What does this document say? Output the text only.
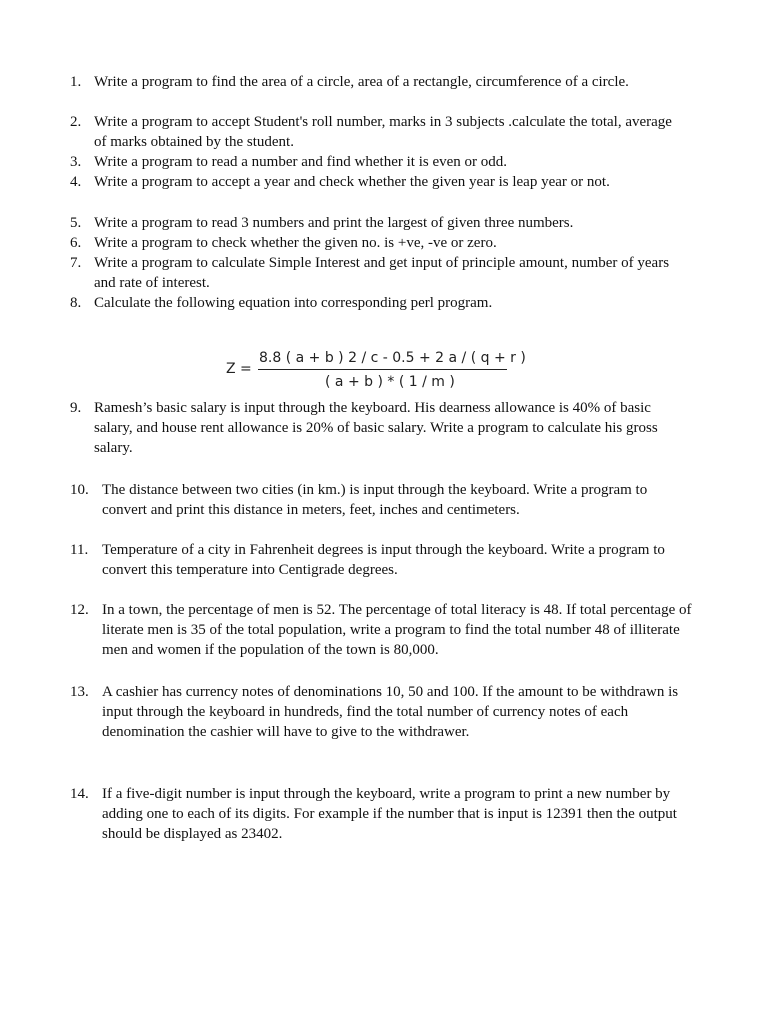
1. Write a program to find the area of a circle, area of a rectangle, circumference of a circle.
2. Write a program to accept Student's roll number, marks in 3 subjects .calculate the total, average of marks obtained by the student.
3. Write a program to read a number and find whether it is even or odd.
4. Write a program to accept a year and check whether the given year is leap year or not.
5. Write a program to read 3 numbers and print the largest of given three numbers.
6. Write a program to check whether the given no. is +ve, -ve or zero.
7. Write a program to calculate Simple Interest and get input of principle amount, number of years and rate of interest.
8. Calculate the following equation into corresponding perl program.
Z =
8.8 ( a + b ) 2 / c - 0.5 + 2 a / ( q + r )
( a + b ) * ( 1 / m )
9. Ramesh’s basic salary is input through the keyboard. His dearness allowance is 40% of basic salary, and house rent allowance is 20% of basic salary. Write a program to calculate his gross salary.
10. The distance between two cities (in km.) is input through the keyboard. Write a program to convert and print this distance in meters, feet, inches and centimeters.
11. Temperature of a city in Fahrenheit degrees is input through the keyboard. Write a program to convert this temperature into Centigrade degrees.
12. In a town, the percentage of men is 52. The percentage of total literacy is 48. If total percentage of literate men is 35 of the total population, write a program to find the total number 48 of illiterate men and women if the population of the town is 80,000.
13. A cashier has currency notes of denominations 10, 50 and 100. If the amount to be withdrawn is input through the keyboard in hundreds, find the total number of currency notes of each denomination the cashier will have to give to the withdrawer.
14. If a five-digit number is input through the keyboard, write a program to print a new number by adding one to each of its digits. For example if the number that is input is 12391 then the output should be displayed as 23402.
